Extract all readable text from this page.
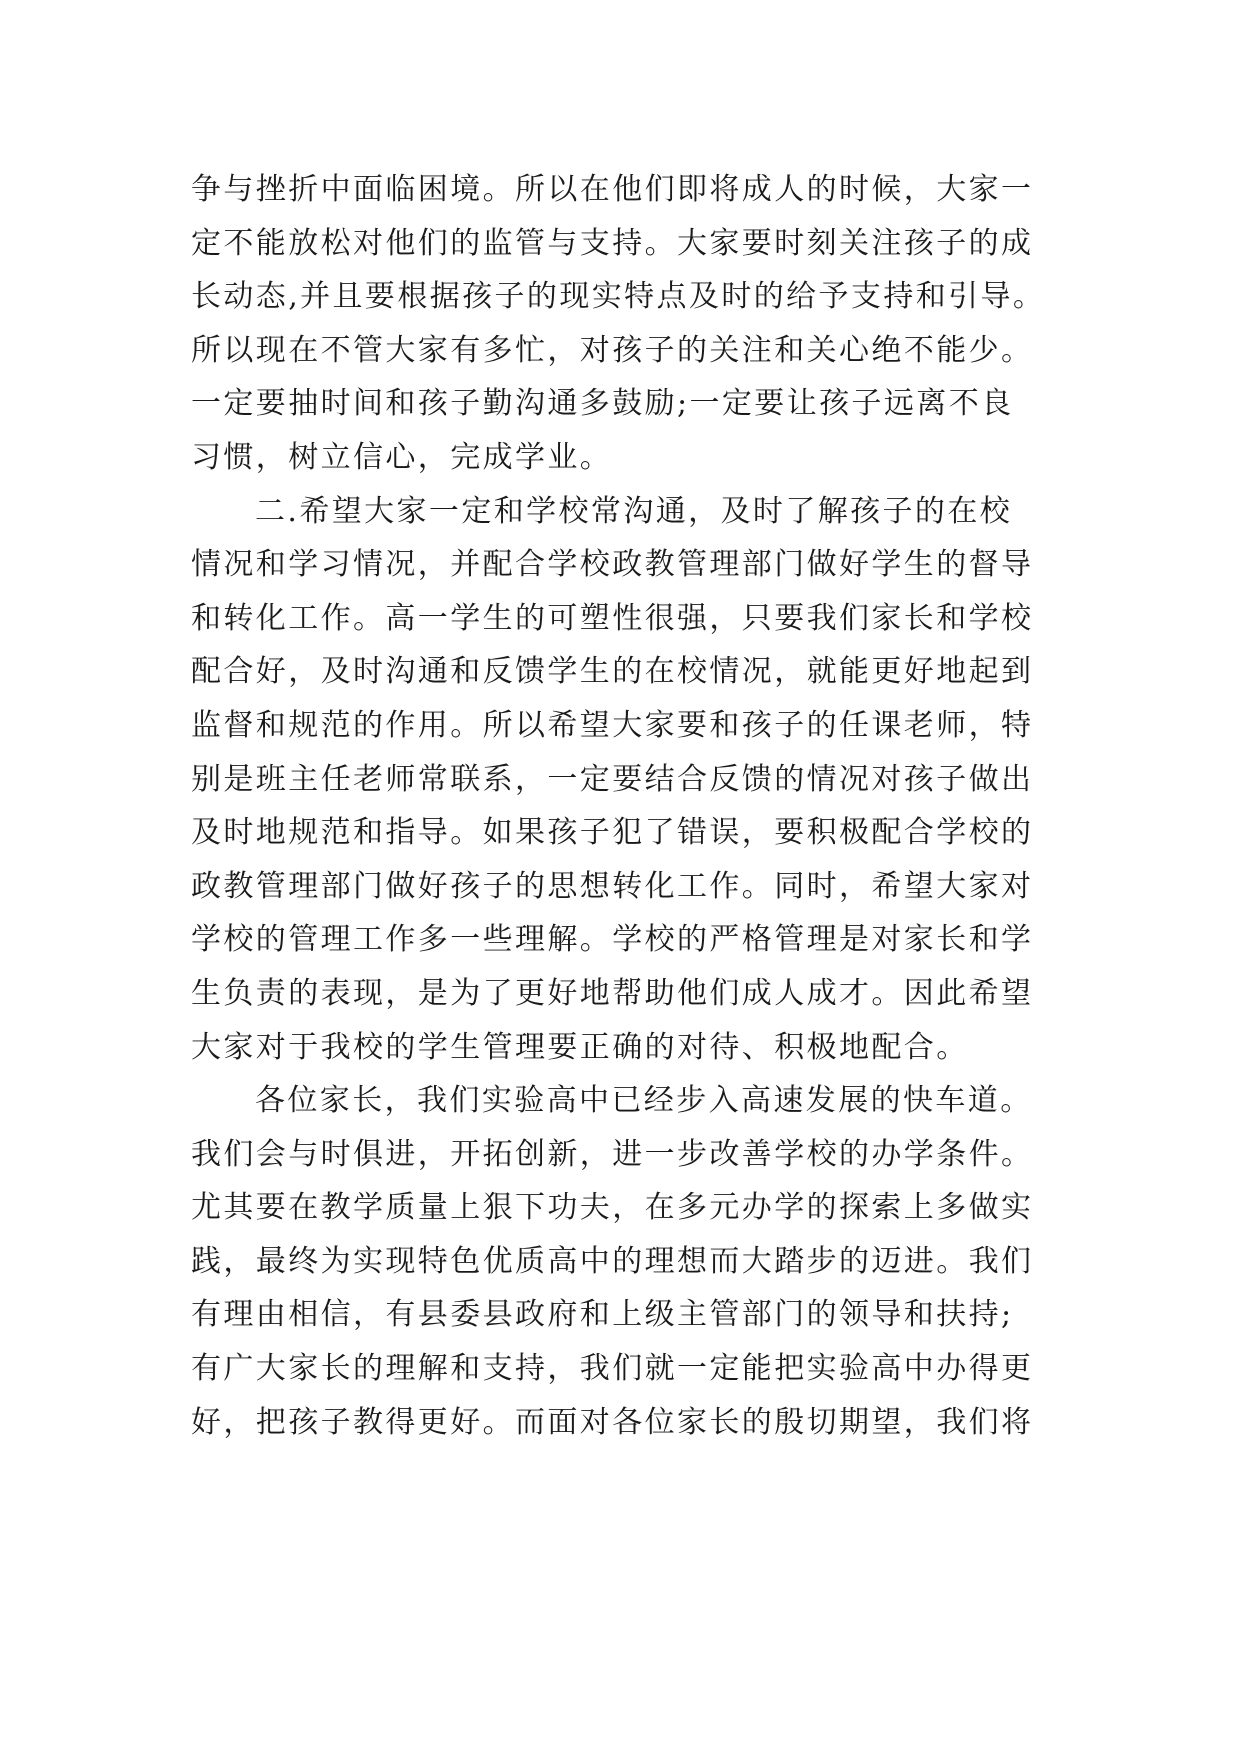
争与挫折中面临困境。所以在他们即将成人的时候，大家一
定不能放松对他们的监管与支持。大家要时刻关注孩子的成
长动态,并且要根据孩子的现实特点及时的给予支持和引导。
所以现在不管大家有多忙，对孩子的关注和关心绝不能少。
一定要抽时间和孩子勤沟通多鼓励;一定要让孩子远离不良
习惯，树立信心，完成学业。
二.希望大家一定和学校常沟通，及时了解孩子的在校
情况和学习情况，并配合学校政教管理部门做好学生的督导
和转化工作。高一学生的可塑性很强，只要我们家长和学校
配合好，及时沟通和反馈学生的在校情况，就能更好地起到
监督和规范的作用。所以希望大家要和孩子的任课老师，特
别是班主任老师常联系，一定要结合反馈的情况对孩子做出
及时地规范和指导。如果孩子犯了错误，要积极配合学校的
政教管理部门做好孩子的思想转化工作。同时，希望大家对
学校的管理工作多一些理解。学校的严格管理是对家长和学
生负责的表现，是为了更好地帮助他们成人成才。因此希望
大家对于我校的学生管理要正确的对待、积极地配合。
各位家长，我们实验高中已经步入高速发展的快车道。
我们会与时俱进，开拓创新，进一步改善学校的办学条件。
尤其要在教学质量上狠下功夫，在多元办学的探索上多做实
践，最终为实现特色优质高中的理想而大踏步的迈进。我们
有理由相信，有县委县政府和上级主管部门的领导和扶持;
有广大家长的理解和支持，我们就一定能把实验高中办得更
好，把孩子教得更好。而面对各位家长的殷切期望，我们将
